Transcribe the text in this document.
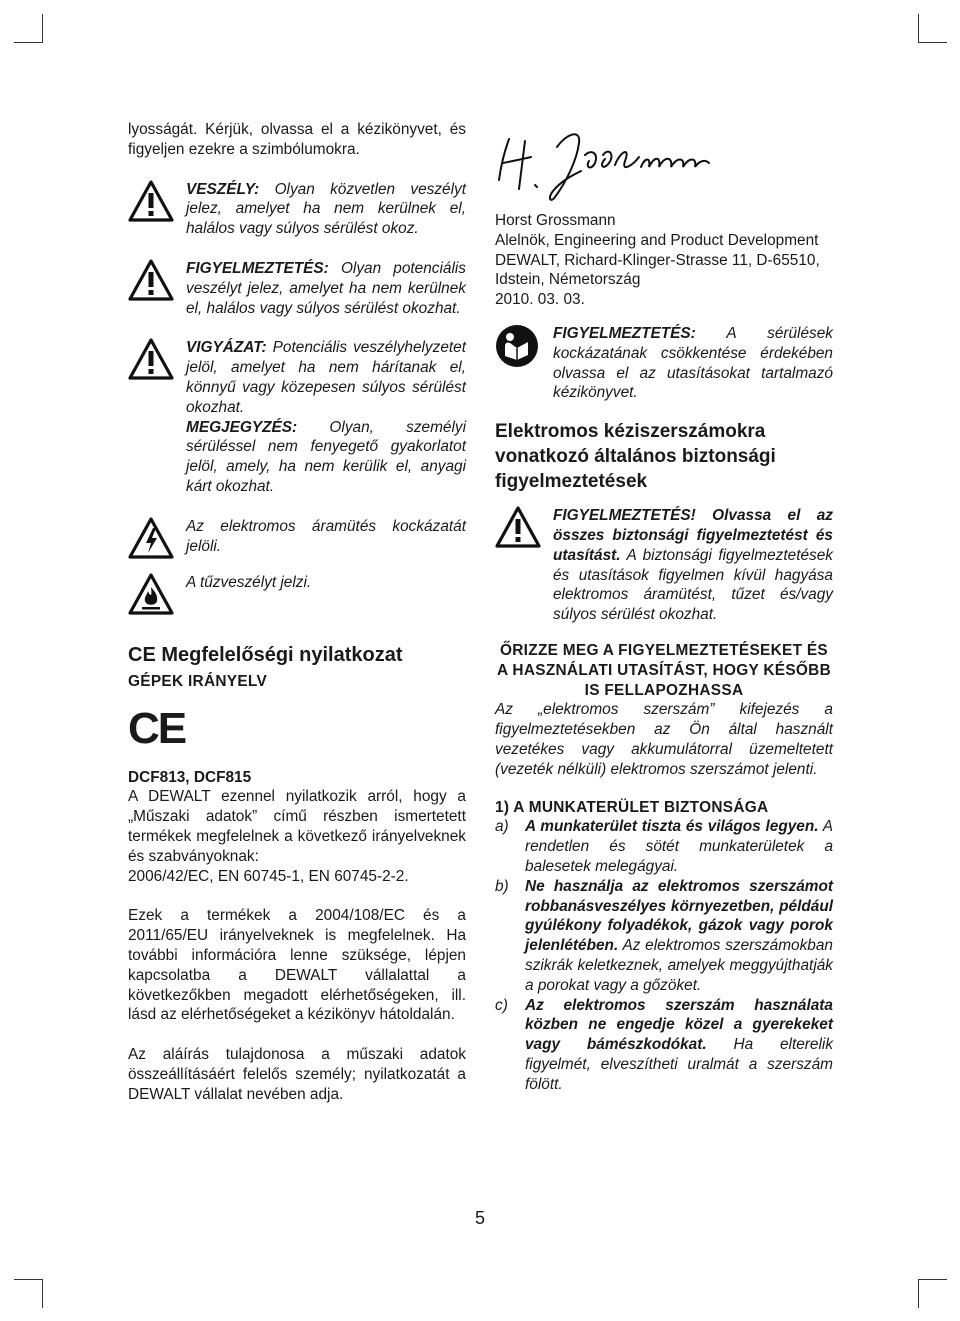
lyosságát. Kérjük, olvassa el a kézikönyvet, és figyeljen ezekre a szimbólumokra.

VESZÉLY: Olyan közvetlen veszélyt jelez, amelyet ha nem kerülnek el, halálos vagy súlyos sérülést okoz.

FIGYELMEZTETÉS: Olyan potenciális veszélyt jelez, amelyet ha nem kerülnek el, halálos vagy súlyos sérülést okozhat.

VIGYÁZAT: Potenciális veszélyhelyzetet jelöl, amelyet ha nem hárítanak el, könnyű vagy közepesen súlyos sérülést okozhat.

MEGJEGYZÉS: Olyan, személyi sérüléssel nem fenyegető gyakorlatot jelöl, amely, ha nem kerülik el, anyagi kárt okozhat.

Az elektromos áramütés kockázatát jelöli.

A tűzveszélyt jelzi.

CE Megfelelőségi nyilatkozat
GÉPEK IRÁNYELV
CE
DCF813, DCF815

A DEWALT ezennel nyilatkozik arról, hogy a „Műszaki adatok” című részben ismertetett termékek megfelelnek a következő irányelveknek és szabványoknak:

2006/42/EC, EN 60745-1, EN 60745-2-2.

Ezek a termékek a 2004/108/EC és a 2011/65/EU irányelveknek is megfelelnek. Ha további információra lenne szüksége, lépjen kapcsolatba a DEWALT vállalattal a következőkben megadott elérhetőségeken, ill. lásd az elérhetőségeket a kézikönyv hátoldalán.

Az aláírás tulajdonosa a műszaki adatok összeállításáért felelős személy; nyilatkozatát a DEWALT vállalat nevében adja.

Horst Grossmann

Alelnök, Engineering and Product Development

DEWALT, Richard-Klinger-Strasse 11, D-65510, Idstein, Németország

2010. 03. 03.

FIGYELMEZTETÉS: A sérülések kockázatának csökkentése érdekében olvassa el az utasításokat tartalmazó kézikönyvet.

Elektromos kéziszerszámokra vonatkozó általános biztonsági figyelmeztetések

FIGYELMEZTETÉS! Olvassa el az összes biztonsági figyelmeztetést és utasítást. A biztonsági figyelmeztetések és utasítások figyelmen kívül hagyása elektromos áramütést, tűzet és/vagy súlyos sérülést okozhat.

ŐRIZZE MEG A FIGYELMEZTETÉSEKET ÉS A HASZNÁLATI UTASÍTÁST, HOGY KÉSŐBB IS FELLAPOZHASSA

Az „elektromos szerszám” kifejezés a figyelmeztetésekben az Ön által használt vezetékes vagy akkumulátorral üzemeltetett (vezeték nélküli) elektromos szerszámot jelenti.

1) A MUNKATERÜLET BIZTONSÁGA

a)	A munkaterület tiszta és világos legyen. A rendetlen és sötét munkaterületek a balesetek melegágyai.

b)	Ne használja az elektromos szerszámot robbanásveszélyes környezetben, például gyúlékony folyadékok, gázok vagy porok jelenlétében. Az elektromos szerszámokban szikrák keletkeznek, amelyek meggyújthatják a porokat vagy a gőzöket.

c)	Az elektromos szerszám használata közben ne engedje közel a gyerekeket vagy bámészkodókat. Ha elterelik figyelmét, elveszítheti uralmát a szerszám fölött.

5
